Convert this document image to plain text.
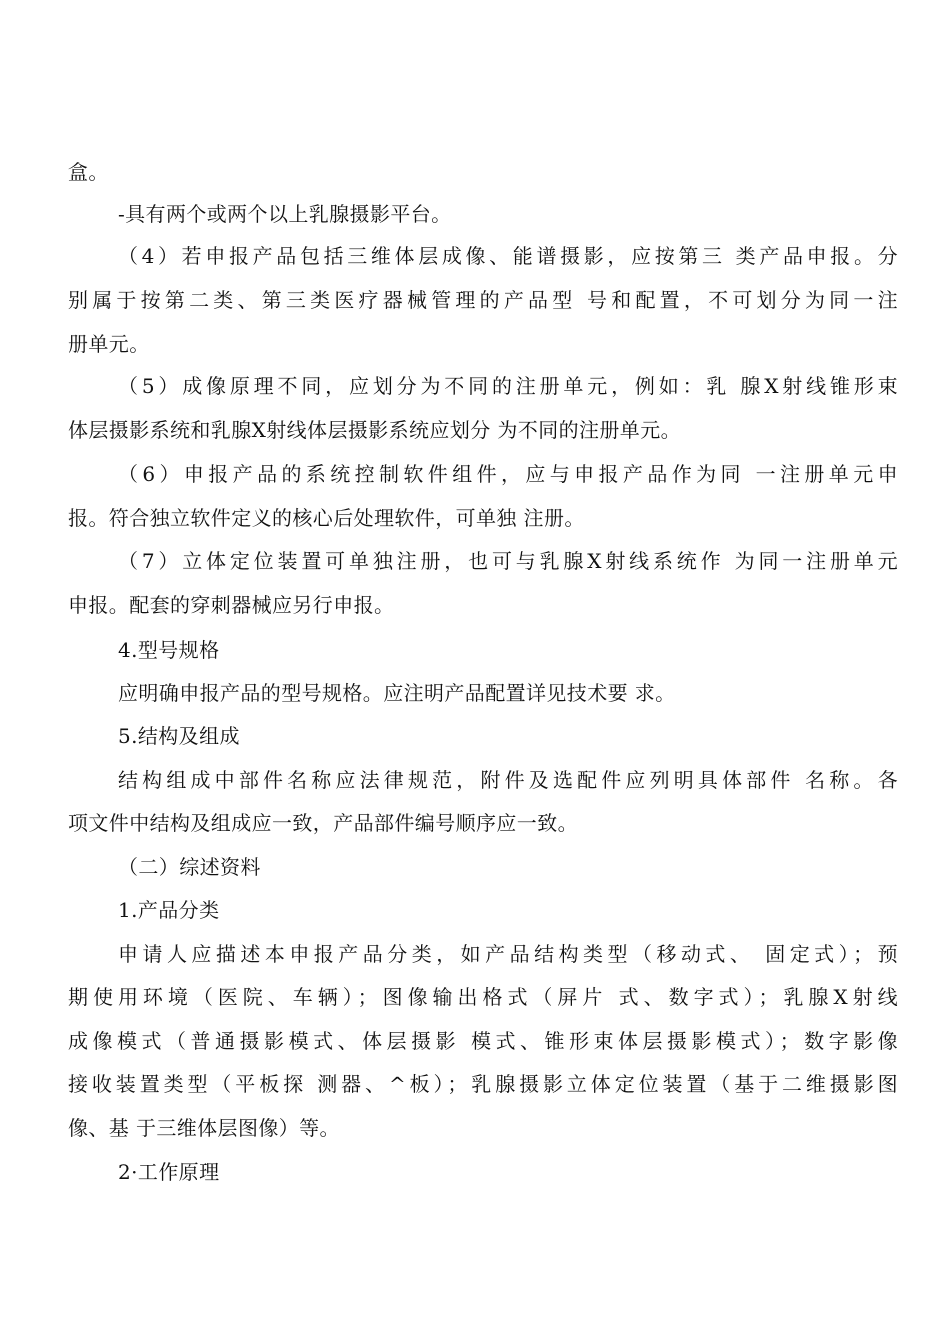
盒。
-具有两个或两个以上乳腺摄影平台。
（4）若申报产品包括三维体层成像、能谱摄影，应按第三 类产品申报。分
别属于按第二类、第三类医疗器械管理的产品型 号和配置，不可划分为同一注
册单元。
（5）成像原理不同，应划分为不同的注册单元，例如：乳 腺X射线锥形束
体层摄影系统和乳腺X射线体层摄影系统应划分 为不同的注册单元。
（6）申报产品的系统控制软件组件，应与申报产品作为同 一注册单元申
报。符合独立软件定义的核心后处理软件，可单独 注册。
（7）立体定位装置可单独注册，也可与乳腺X射线系统作 为同一注册单元
申报。配套的穿刺器械应另行申报。
4.型号规格
应明确申报产品的型号规格。应注明产品配置详见技术要 求。
5.结构及组成
结构组成中部件名称应法律规范，附件及选配件应列明具体部件 名称。各
项文件中结构及组成应一致，产品部件编号顺序应一致。
（二）综述资料
1.产品分类
申请人应描述本申报产品分类，如产品结构类型（移动式、 固定式）；预
期使用环境（医院、车辆）；图像输出格式（屏片 式、数字式）；乳腺X射线
成像模式（普通摄影模式、体层摄影 模式、锥形束体层摄影模式）；数字影像
接收装置类型（平板探 测器、^板）；乳腺摄影立体定位装置（基于二维摄影图
像、基 于三维体层图像）等。
2·工作原理
